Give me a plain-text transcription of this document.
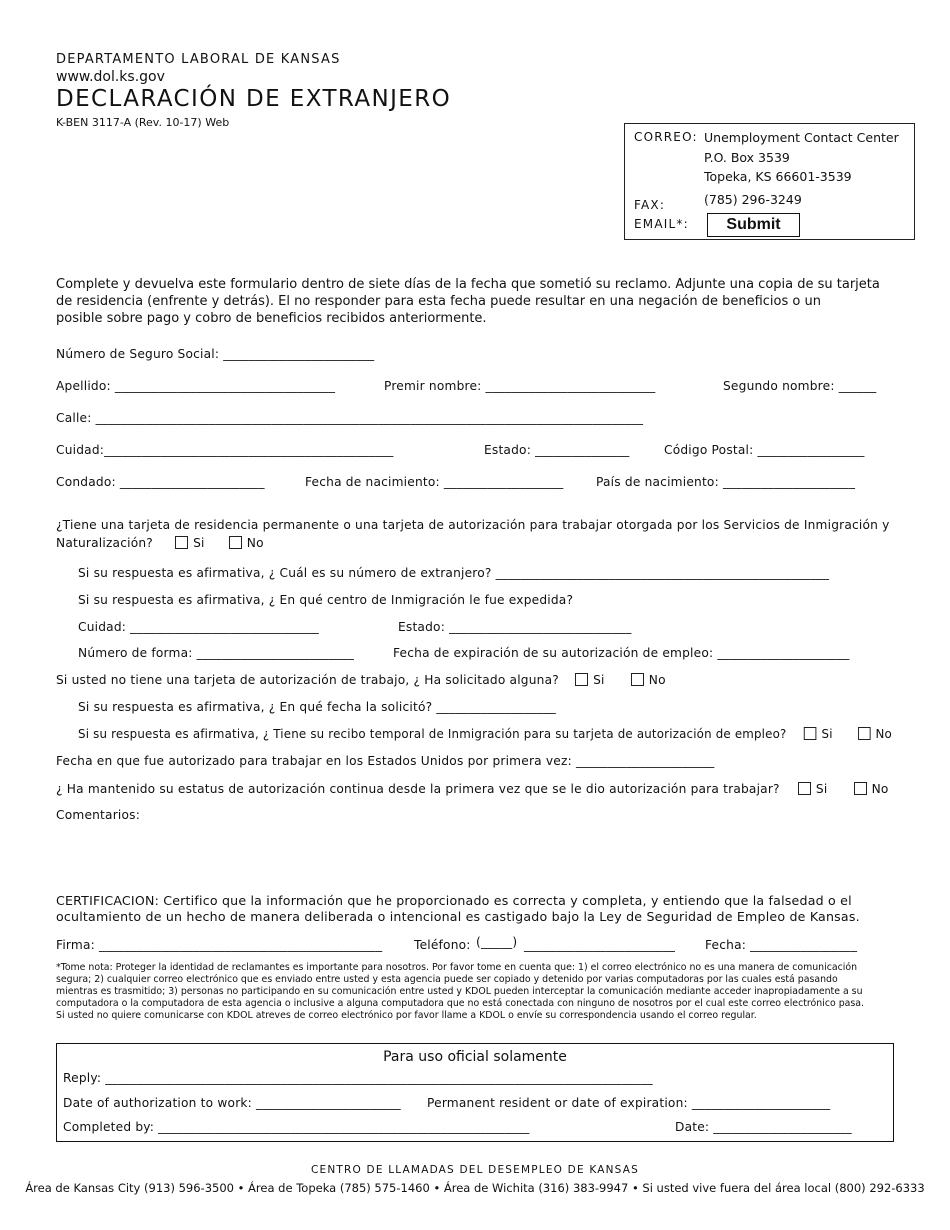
DEPARTAMENTO LABORAL DE KANSAS
www.dol.ks.gov
DECLARACIÓN DE EXTRANJERO
K-BEN 3117-A (Rev. 10-17) Web
CORREO: Unemployment Contact Center
P.O. Box 3539
Topeka, KS 66601-3539
FAX:	(785) 296-3249
EMAIL*:	Submit
Complete y devuelva este formulario dentro de siete días de la fecha que sometió su reclamo. Adjunte una copia de su tarjeta
de residencia (enfrente y detrás). El no responder para esta fecha puede resultar en una negación de beneficios o un
posible sobre pago y cobro de beneficios recibidos anteriormente.
Número de Seguro Social: ________________________
Apellido: ___________________________________	Premir nombre: ___________________________	Segundo nombre: ______
Calle: _______________________________________________________________________________________
Cuidad:______________________________________________	Estado: _______________	Código Postal: _________________
Condado: _______________________	Fecha de nacimiento: ___________________	País de nacimiento: _____________________
¿Tiene una tarjeta de residencia permanente o una tarjeta de autorización para trabajar otorgada por los Servicios de Inmigración y
Naturalización?	Si	No
Si su respuesta es afirmativa, ¿ Cuál es su número de extranjero? _____________________________________________________
Si su respuesta es afirmativa, ¿ En qué centro de Inmigración le fue expedida?
Cuidad: ______________________________	Estado: _____________________________
Número de forma: _________________________	Fecha de expiración de su autorización de empleo: _____________________
Si usted no tiene una tarjeta de autorización de trabajo, ¿ Ha solicitado alguna?	Si	No
Si su respuesta es afirmativa, ¿ En qué fecha la solicitó? ___________________
Si su respuesta es afirmativa, ¿ Tiene su recibo temporal de Inmigración para su tarjeta de autorización de empleo?	Si	No
Fecha en que fue autorizado para trabajar en los Estados Unidos por primera vez: ______________________
¿ Ha mantenido su estatus de autorización continua desde la primera vez que se le dio autorización para trabajar?	Si	No
Comentarios:
CERTIFICACION: Certifico que la información que he proporcionado es correcta y completa, y entiendo que la falsedad o el
ocultamiento de un hecho de manera deliberada o intencional es castigado bajo la Ley de Seguridad de Empleo de Kansas.
Firma: _____________________________________________	Teléfono: (_____) ________________________ Fecha: _________________
*Tome nota: Proteger la identidad de reclamantes es importante para nosotros. Por favor tome en cuenta que: 1) el correo electrónico no es una manera de comunicación
segura; 2) cualquier correo electrónico que es enviado entre usted y esta agencia puede ser copiado y detenido por varias computadoras por las cuales está pasando
mientras es trasmitido; 3) personas no participando en su comunicación entre usted y KDOL pueden interceptar la comunicación mediante acceder inapropiadamente a su
computadora o la computadora de esta agencia o inclusive a alguna computadora que no está conectada con ninguno de nosotros por el cual este correo electrónico pasa.
Si usted no quiere comunicarse con KDOL atreves de correo electrónico por favor llame a KDOL o envíe su correspondencia usando el correo regular.
Para uso oficial solamente
Reply: _______________________________________________________________________________________
Date of authorization to work: _______________________ Permanent resident or date of expiration: ______________________
Completed by: ___________________________________________________________	Date: ______________________
CENTRO DE LLAMADAS DEL DESEMPLEO DE KANSAS
Área de Kansas City (913) 596-3500 • Área de Topeka (785) 575-1460 • Área de Wichita (316) 383-9947 • Si usted vive fuera del área local (800) 292-6333
